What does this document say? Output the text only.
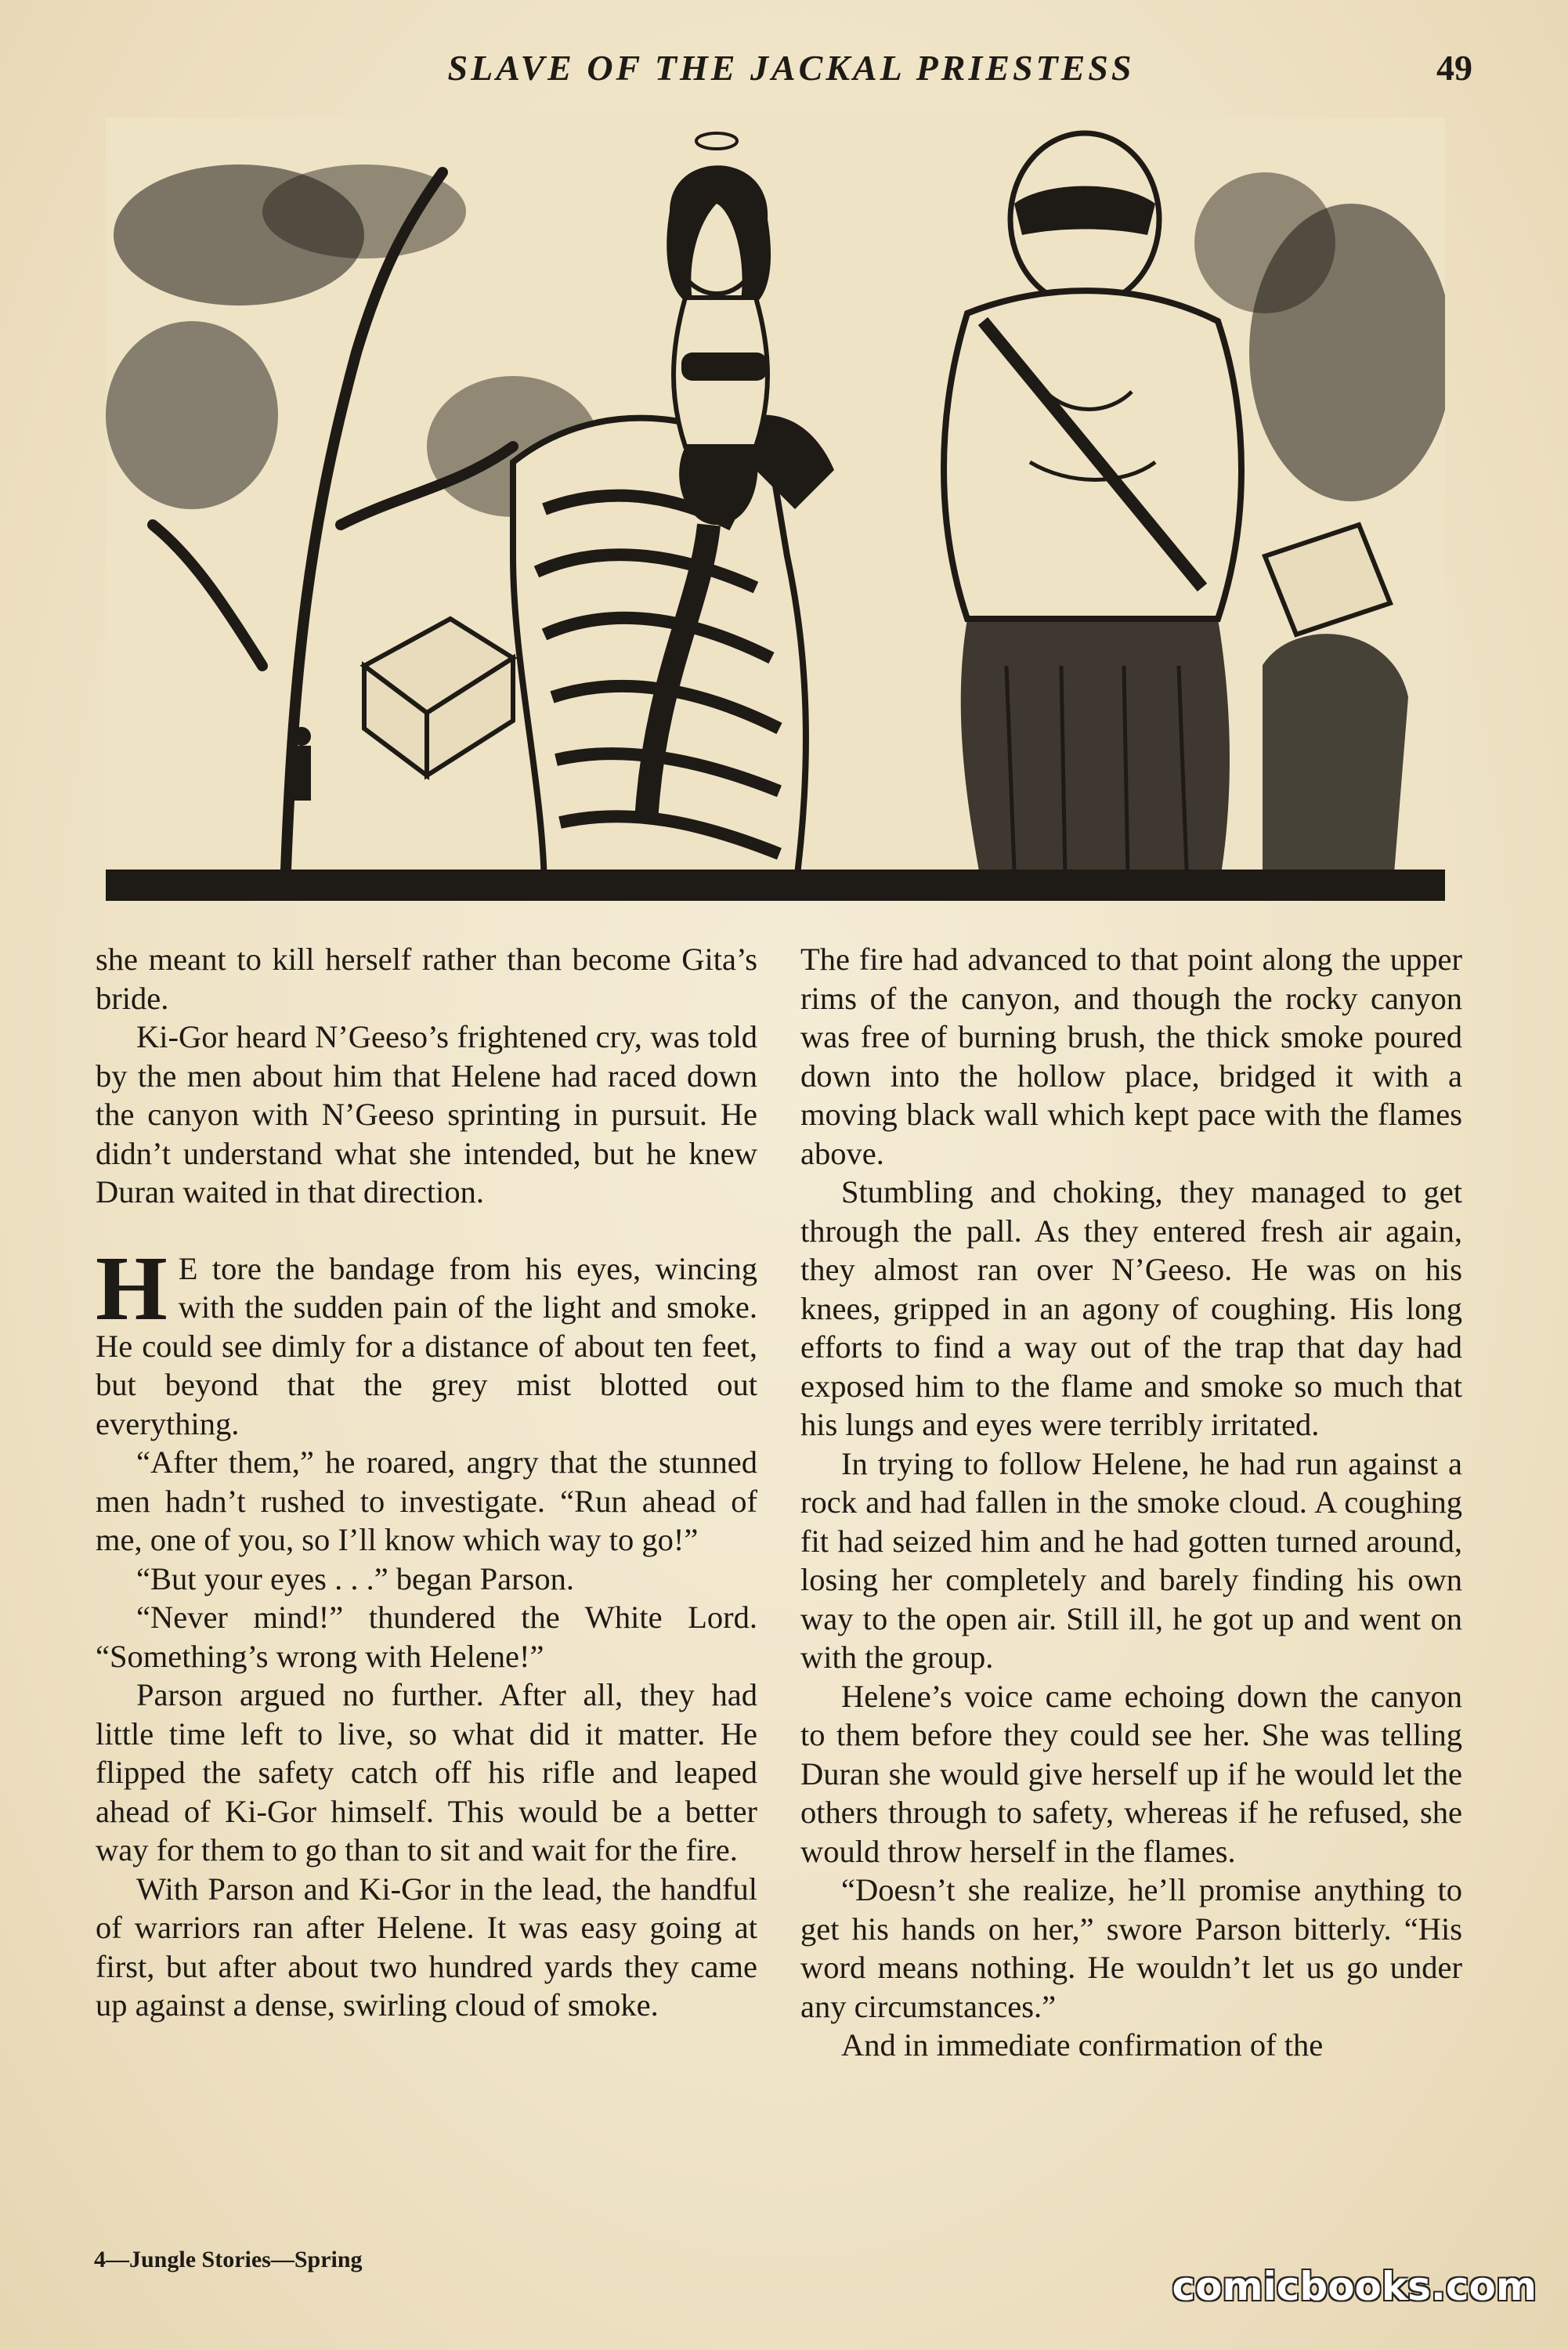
SLAVE OF THE JACKAL PRIESTESS	49

she meant to kill herself rather than become Gita’s bride.

Ki-Gor heard N’Geeso’s frightened cry, was told by the men about him that Helene had raced down the canyon with N’Geeso sprinting in pursuit. He didn’t understand what she intended, but he knew Duran waited in that direction.

H E tore the bandage from his eyes, wincing with the sudden pain of the light and smoke. He could see dimly for a distance of about ten feet, but beyond that the grey mist blotted out everything.

“After them,” he roared, angry that the stunned men hadn’t rushed to investigate. “Run ahead of me, one of you, so I’ll know which way to go!”

“But your eyes . . .” began Parson.

“Never mind!” thundered the White Lord. “Something’s wrong with Helene!”

Parson argued no further. After all, they had little time left to live, so what did it matter. He flipped the safety catch off his rifle and leaped ahead of Ki-Gor himself. This would be a better way for them to go than to sit and wait for the fire.

With Parson and Ki-Gor in the lead, the handful of warriors ran after Helene. It was easy going at first, but after about two hundred yards they came up against a dense, swirling cloud of smoke.

The fire had advanced to that point along the upper rims of the canyon, and though the rocky canyon was free of burning brush, the thick smoke poured down into the hollow place, bridged it with a moving black wall which kept pace with the flames above.

Stumbling and choking, they managed to get through the pall. As they entered fresh air again, they almost ran over N’Geeso. He was on his knees, gripped in an agony of coughing. His long efforts to find a way out of the trap that day had exposed him to the flame and smoke so much that his lungs and eyes were terribly irritated.

In trying to follow Helene, he had run against a rock and had fallen in the smoke cloud. A coughing fit had seized him and he had gotten turned around, losing her completely and barely finding his own way to the open air. Still ill, he got up and went on with the group.

Helene’s voice came echoing down the canyon to them before they could see her. She was telling Duran she would give herself up if he would let the others through to safety, whereas if he refused, she would throw herself in the flames.

“Doesn’t she realize, he’ll promise anything to get his hands on her,” swore Parson bitterly. “His word means nothing. He wouldn’t let us go under any circumstances.”

And in immediate confirmation of the

4—Jungle Stories—Spring
comicbooks.com
